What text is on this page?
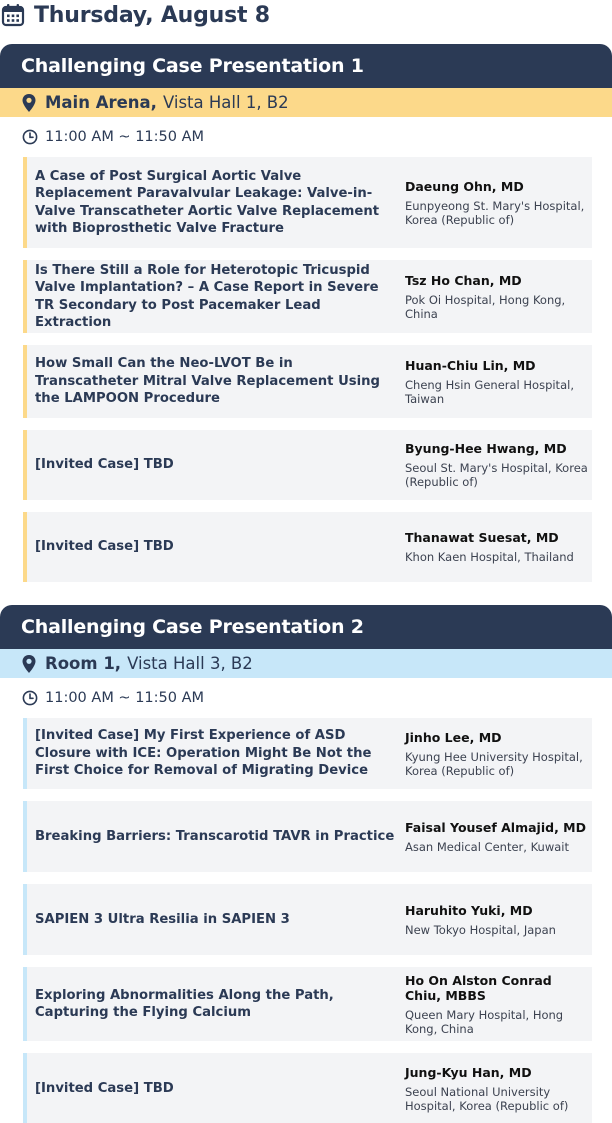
Thursday, August 8
Challenging Case Presentation 1
Main Arena, Vista Hall 1, B2
11:00 AM ~ 11:50 AM
A Case of Post Surgical Aortic Valve Replacement Paravalvular Leakage: Valve-in-Valve Transcatheter Aortic Valve Replacement with Bioprosthetic Valve Fracture
Daeung Ohn, MD
Eunpyeong St. Mary's Hospital, Korea (Republic of)
Is There Still a Role for Heterotopic Tricuspid Valve Implantation? – A Case Report in Severe TR Secondary to Post Pacemaker Lead Extraction
Tsz Ho Chan, MD
Pok Oi Hospital, Hong Kong, China
How Small Can the Neo-LVOT Be in Transcatheter Mitral Valve Replacement Using the LAMPOON Procedure
Huan-Chiu Lin, MD
Cheng Hsin General Hospital, Taiwan
[Invited Case] TBD
Byung-Hee Hwang, MD
Seoul St. Mary's Hospital, Korea (Republic of)
[Invited Case] TBD
Thanawat Suesat, MD
Khon Kaen Hospital, Thailand
Challenging Case Presentation 2
Room 1, Vista Hall 3, B2
11:00 AM ~ 11:50 AM
[Invited Case] My First Experience of ASD Closure with ICE: Operation Might Be Not the First Choice for Removal of Migrating Device
Jinho Lee, MD
Kyung Hee University Hospital, Korea (Republic of)
Breaking Barriers: Transcarotid TAVR in Practice
Faisal Yousef Almajid, MD
Asan Medical Center, Kuwait
SAPIEN 3 Ultra Resilia in SAPIEN 3
Haruhito Yuki, MD
New Tokyo Hospital, Japan
Exploring Abnormalities Along the Path, Capturing the Flying Calcium
Ho On Alston Conrad Chiu, MBBS
Queen Mary Hospital, Hong Kong, China
[Invited Case] TBD
Jung-Kyu Han, MD
Seoul National University Hospital, Korea (Republic of)
